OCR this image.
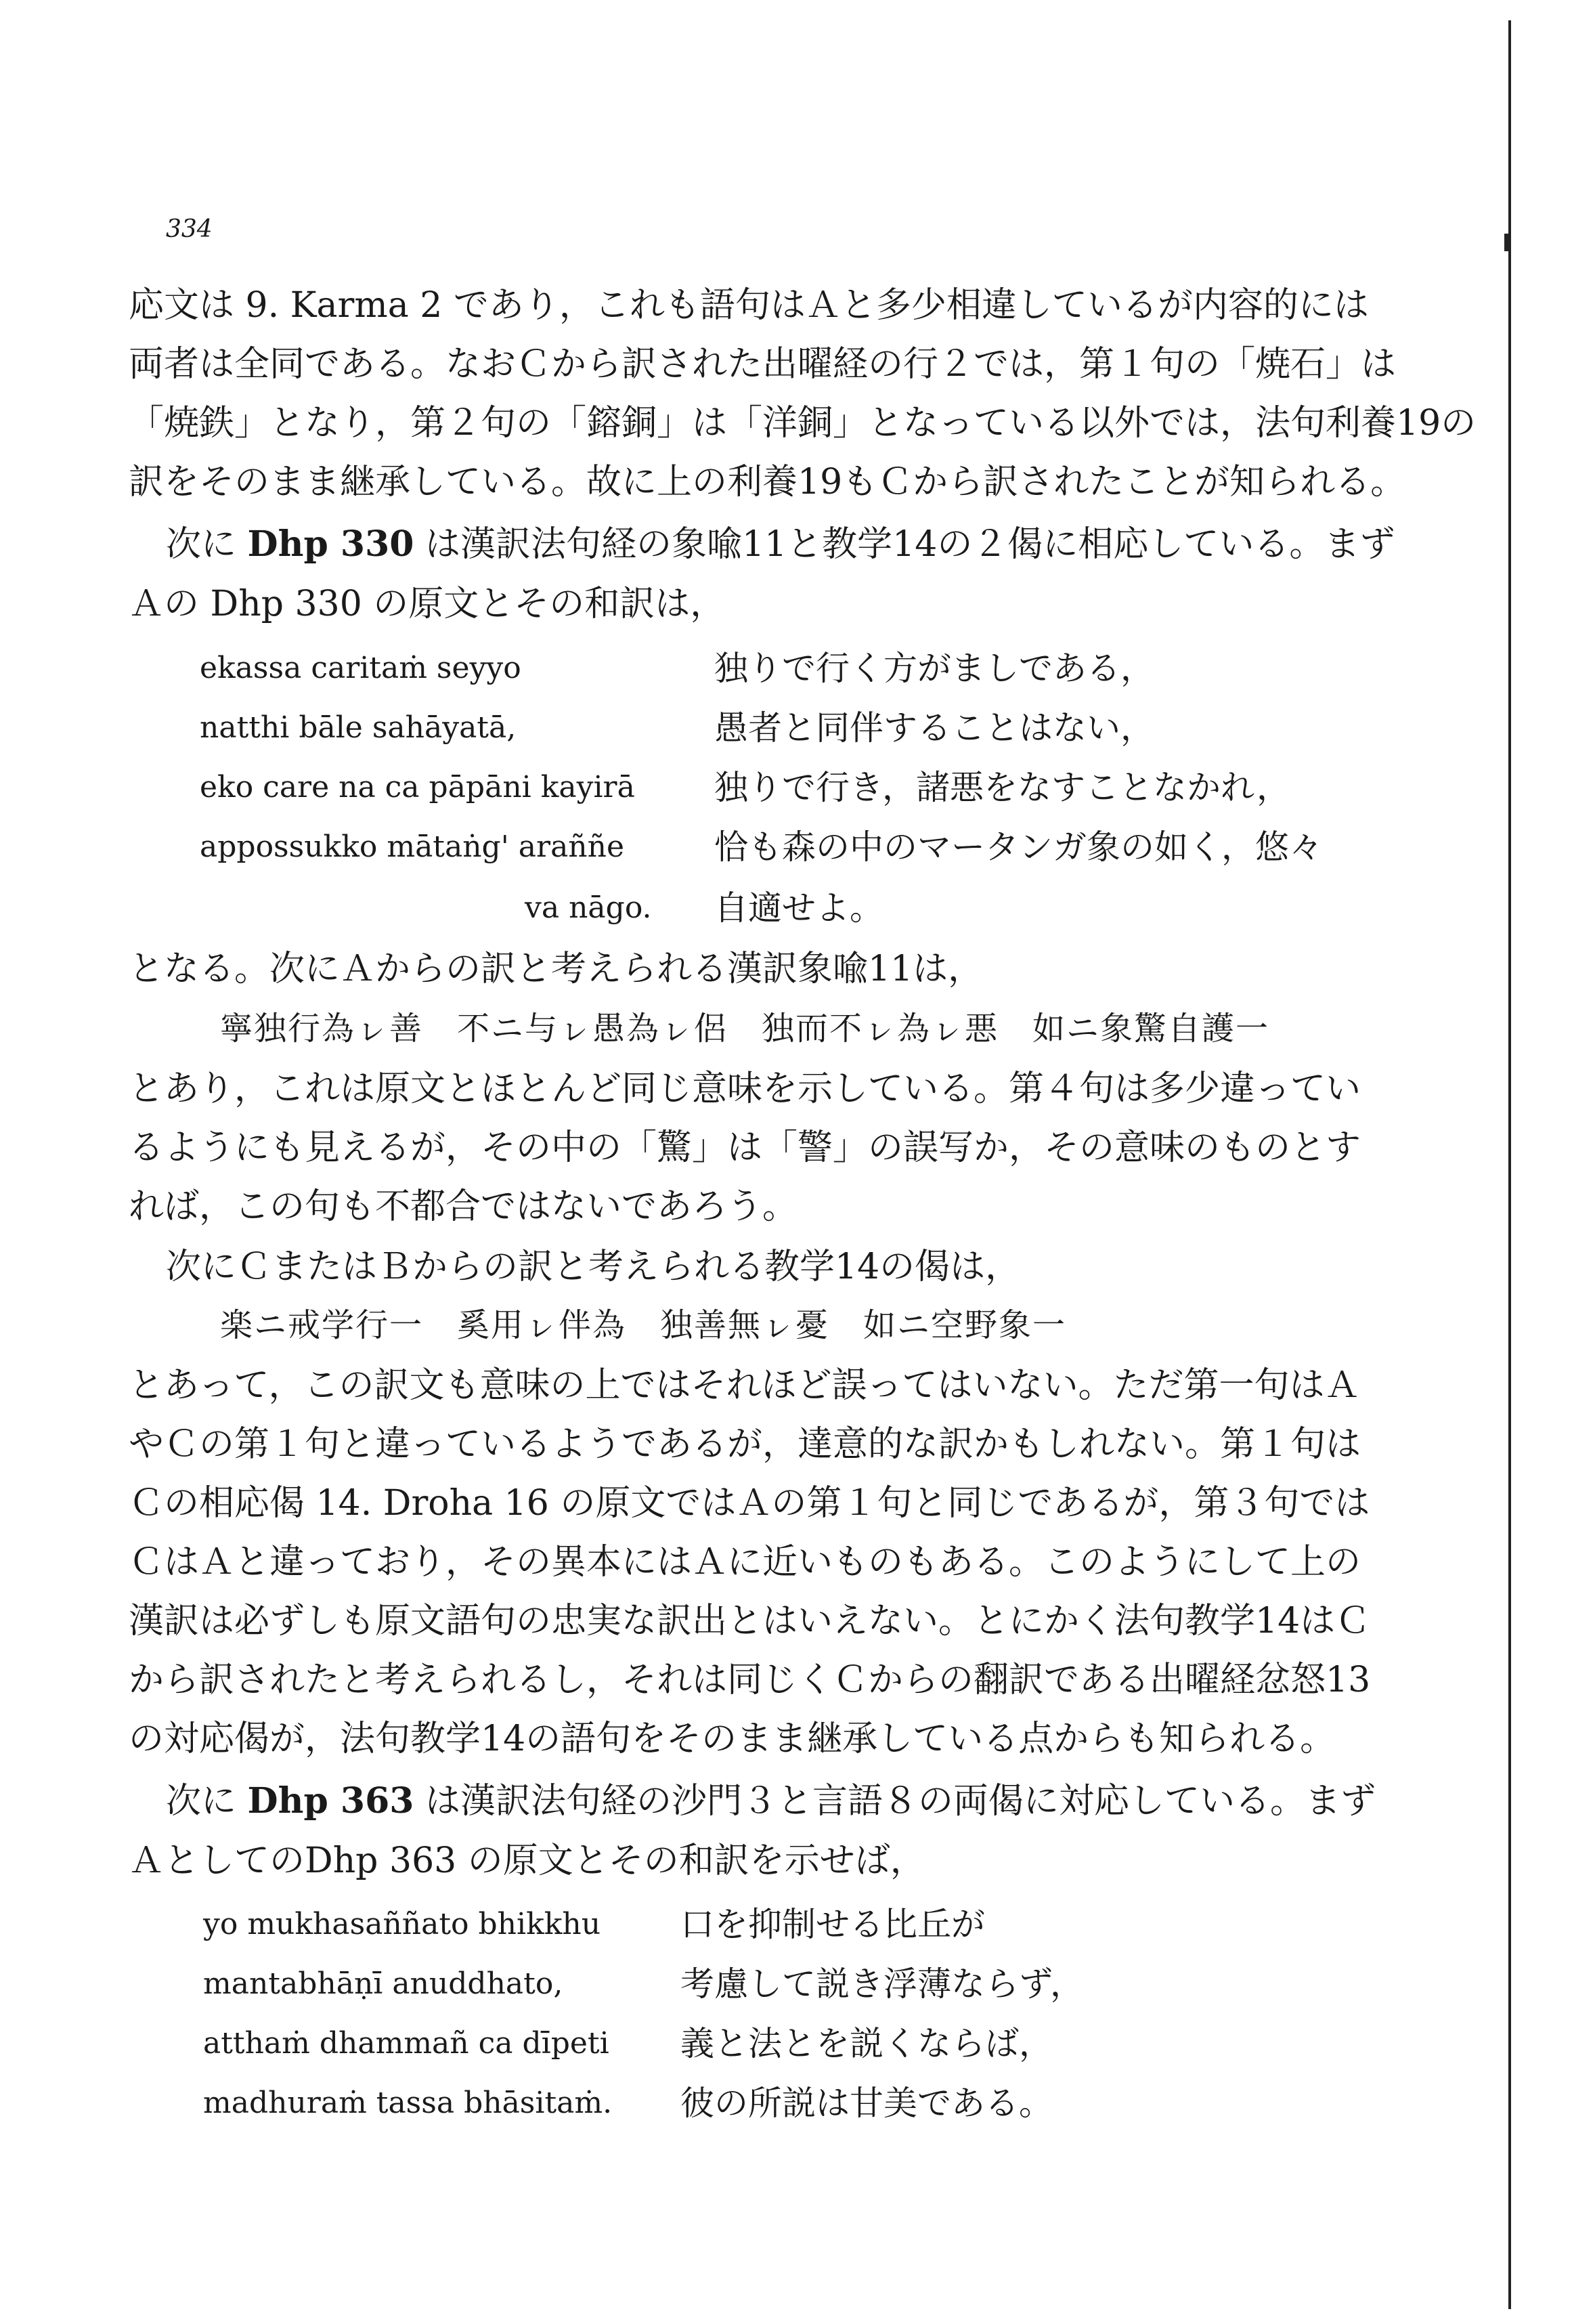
334
応文は 9. Karma 2 であり，これも語句はＡと多少相違しているが内容的には
両者は全同である。なおＣから訳された出曜経の行２では，第１句の「焼石」は
「焼鉄」となり，第２句の「鎔銅」は「洋銅」となっている以外では，法句利養19の
訳をそのまま継承している。故に上の利養19もＣから訳されたことが知られる。
次に Dhp 330 は漢訳法句経の象喩11と教学14の２偈に相応している。まず
Ａの Dhp 330 の原文とその和訳は，
ekassa caritaṁ seyyo	独りで行く方がましである，
natthi bāle sahāyatā,	愚者と同伴することはない，
eko care na ca pāpāni kayirā 独りで行き，諸悪をなすことなかれ，
appossukko mātaṅg' araññe	恰も森の中のマータンガ象の如く，悠々
va nāgo. 自適せよ。
となる。次にＡからの訳と考えられる漢訳象喩11は，
寧独行為ㇾ善　不ニ与ㇾ愚為ㇾ侶　独而不ㇾ為ㇾ悪　如ニ象驚自護一
とあり，これは原文とほとんど同じ意味を示している。第４句は多少違ってい
るようにも見えるが，その中の「驚」は「警」の誤写か，その意味のものとす
れば，この句も不都合ではないであろう。
次にＣまたはＢからの訳と考えられる教学14の偈は，
楽ニ戒学行一　奚用ㇾ伴為　独善無ㇾ憂　如ニ空野象一
とあって，この訳文も意味の上ではそれほど誤ってはいない。ただ第一句はＡ
やＣの第１句と違っているようであるが，達意的な訳かもしれない。第１句は
Ｃの相応偈 14. Droha 16 の原文ではＡの第１句と同じであるが，第３句では
ＣはＡと違っており，その異本にはＡに近いものもある。このようにして上の
漢訳は必ずしも原文語句の忠実な訳出とはいえない。とにかく法句教学14はＣ
から訳されたと考えられるし，それは同じくＣからの翻訳である出曜経忿怒13
の対応偈が，法句教学14の語句をそのまま継承している点からも知られる。
次に Dhp 363 は漢訳法句経の沙門３と言語８の両偈に対応している。まず
ＡとしてのDhp 363 の原文とその和訳を示せば，
yo mukhasaññato bhikkhu 口を抑制せる比丘が
mantabhāṇī anuddhato,	考慮して説き浮薄ならず，
atthaṁ dhammañ ca dīpeti 義と法とを説くならば，
madhuraṁ tassa bhāsitaṁ. 彼の所説は甘美である。
